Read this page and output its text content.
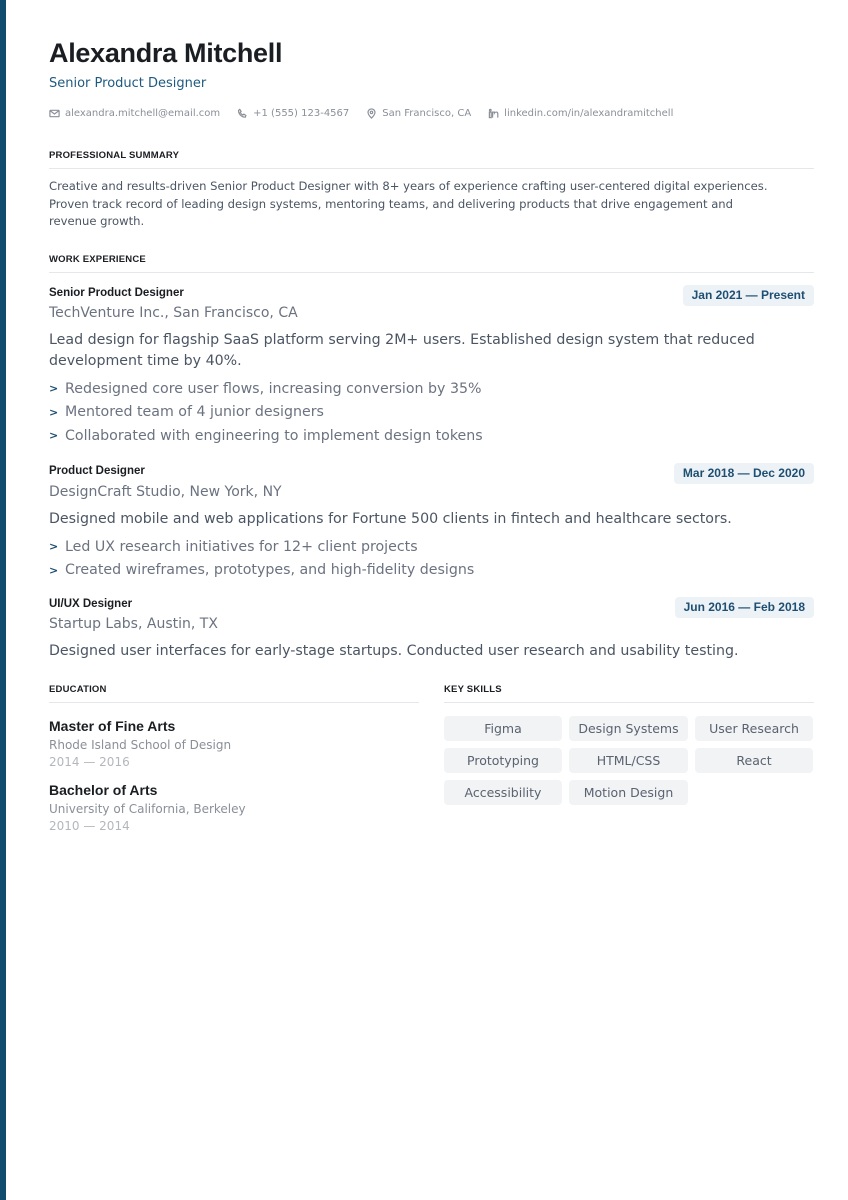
Alexandra Mitchell
Senior Product Designer
alexandra.mitchell@email.com	+1 (555) 123-4567	San Francisco, CA	linkedin.com/in/alexandramitchell
PROFESSIONAL SUMMARY
Creative and results-driven Senior Product Designer with 8+ years of experience crafting user-centered digital experiences. Proven track record of leading design systems, mentoring teams, and delivering products that drive engagement and revenue growth.
WORK EXPERIENCE
Senior Product Designer	Jan 2021 — Present
TechVenture Inc., San Francisco, CA
Lead design for flagship SaaS platform serving 2M+ users. Established design system that reduced development time by 40%.
> Redesigned core user flows, increasing conversion by 35%
> Mentored team of 4 junior designers
> Collaborated with engineering to implement design tokens
Product Designer	Mar 2018 — Dec 2020
DesignCraft Studio, New York, NY
Designed mobile and web applications for Fortune 500 clients in fintech and healthcare sectors.
> Led UX research initiatives for 12+ client projects
> Created wireframes, prototypes, and high-fidelity designs
UI/UX Designer	Jun 2016 — Feb 2018
Startup Labs, Austin, TX
Designed user interfaces for early-stage startups. Conducted user research and usability testing.
EDUCATION
Master of Fine Arts
Rhode Island School of Design
2014 — 2016
Bachelor of Arts
University of California, Berkeley
2010 — 2014
KEY SKILLS
Figma	Design Systems	User Research
Prototyping	HTML/CSS	React
Accessibility	Motion Design
